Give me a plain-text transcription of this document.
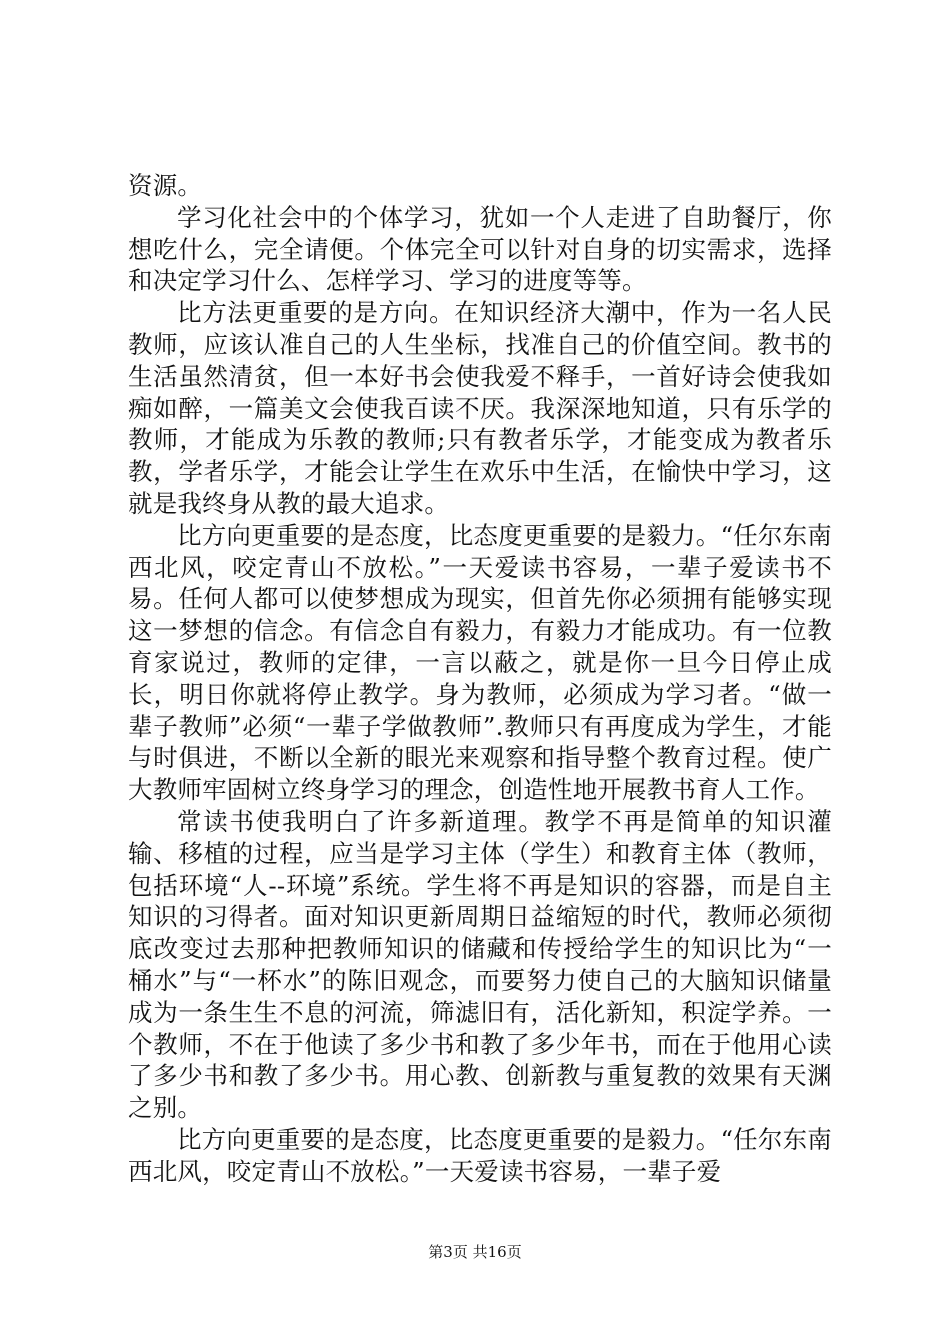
资源。

学习化社会中的个体学习，犹如一个人走进了自助餐厅，你想吃什么，完全请便。个体完全可以针对自身的切实需求，选择和决定学习什么、怎样学习、学习的进度等等。

比方法更重要的是方向。在知识经济大潮中，作为一名人民教师，应该认准自己的人生坐标，找准自己的价值空间。教书的生活虽然清贫，但一本好书会使我爱不释手，一首好诗会使我如痴如醉，一篇美文会使我百读不厌。我深深地知道，只有乐学的教师，才能成为乐教的教师;只有教者乐学，才能变成为教者乐教，学者乐学，才能会让学生在欢乐中生活，在愉快中学习，这就是我终身从教的最大追求。

比方向更重要的是态度，比态度更重要的是毅力。“任尔东南西北风，咬定青山不放松。”一天爱读书容易，一辈子爱读书不易。任何人都可以使梦想成为现实，但首先你必须拥有能够实现这一梦想的信念。有信念自有毅力，有毅力才能成功。有一位教育家说过，教师的定律，一言以蔽之，就是你一旦今日停止成长，明日你就将停止教学。身为教师，必须成为学习者。“做一辈子教师”必须“一辈子学做教师”.教师只有再度成为学生，才能与时俱进，不断以全新的眼光来观察和指导整个教育过程。使广大教师牢固树立终身学习的理念，创造性地开展教书育人工作。

常读书使我明白了许多新道理。教学不再是简单的知识灌输、移植的过程，应当是学习主体（学生）和教育主体（教师，包括环境“人--环境”系统。学生将不再是知识的容器，而是自主知识的习得者。面对知识更新周期日益缩短的时代，教师必须彻底改变过去那种把教师知识的储藏和传授给学生的知识比为“一桶水”与“一杯水”的陈旧观念，而要努力使自己的大脑知识储量成为一条生生不息的河流，筛滤旧有，活化新知，积淀学养。一个教师，不在于他读了多少书和教了多少年书，而在于他用心读了多少书和教了多少书。用心教、创新教与重复教的效果有天渊之别。

比方向更重要的是态度，比态度更重要的是毅力。“任尔东南西北风，咬定青山不放松。”一天爱读书容易，一辈子爱

第3页 共16页
